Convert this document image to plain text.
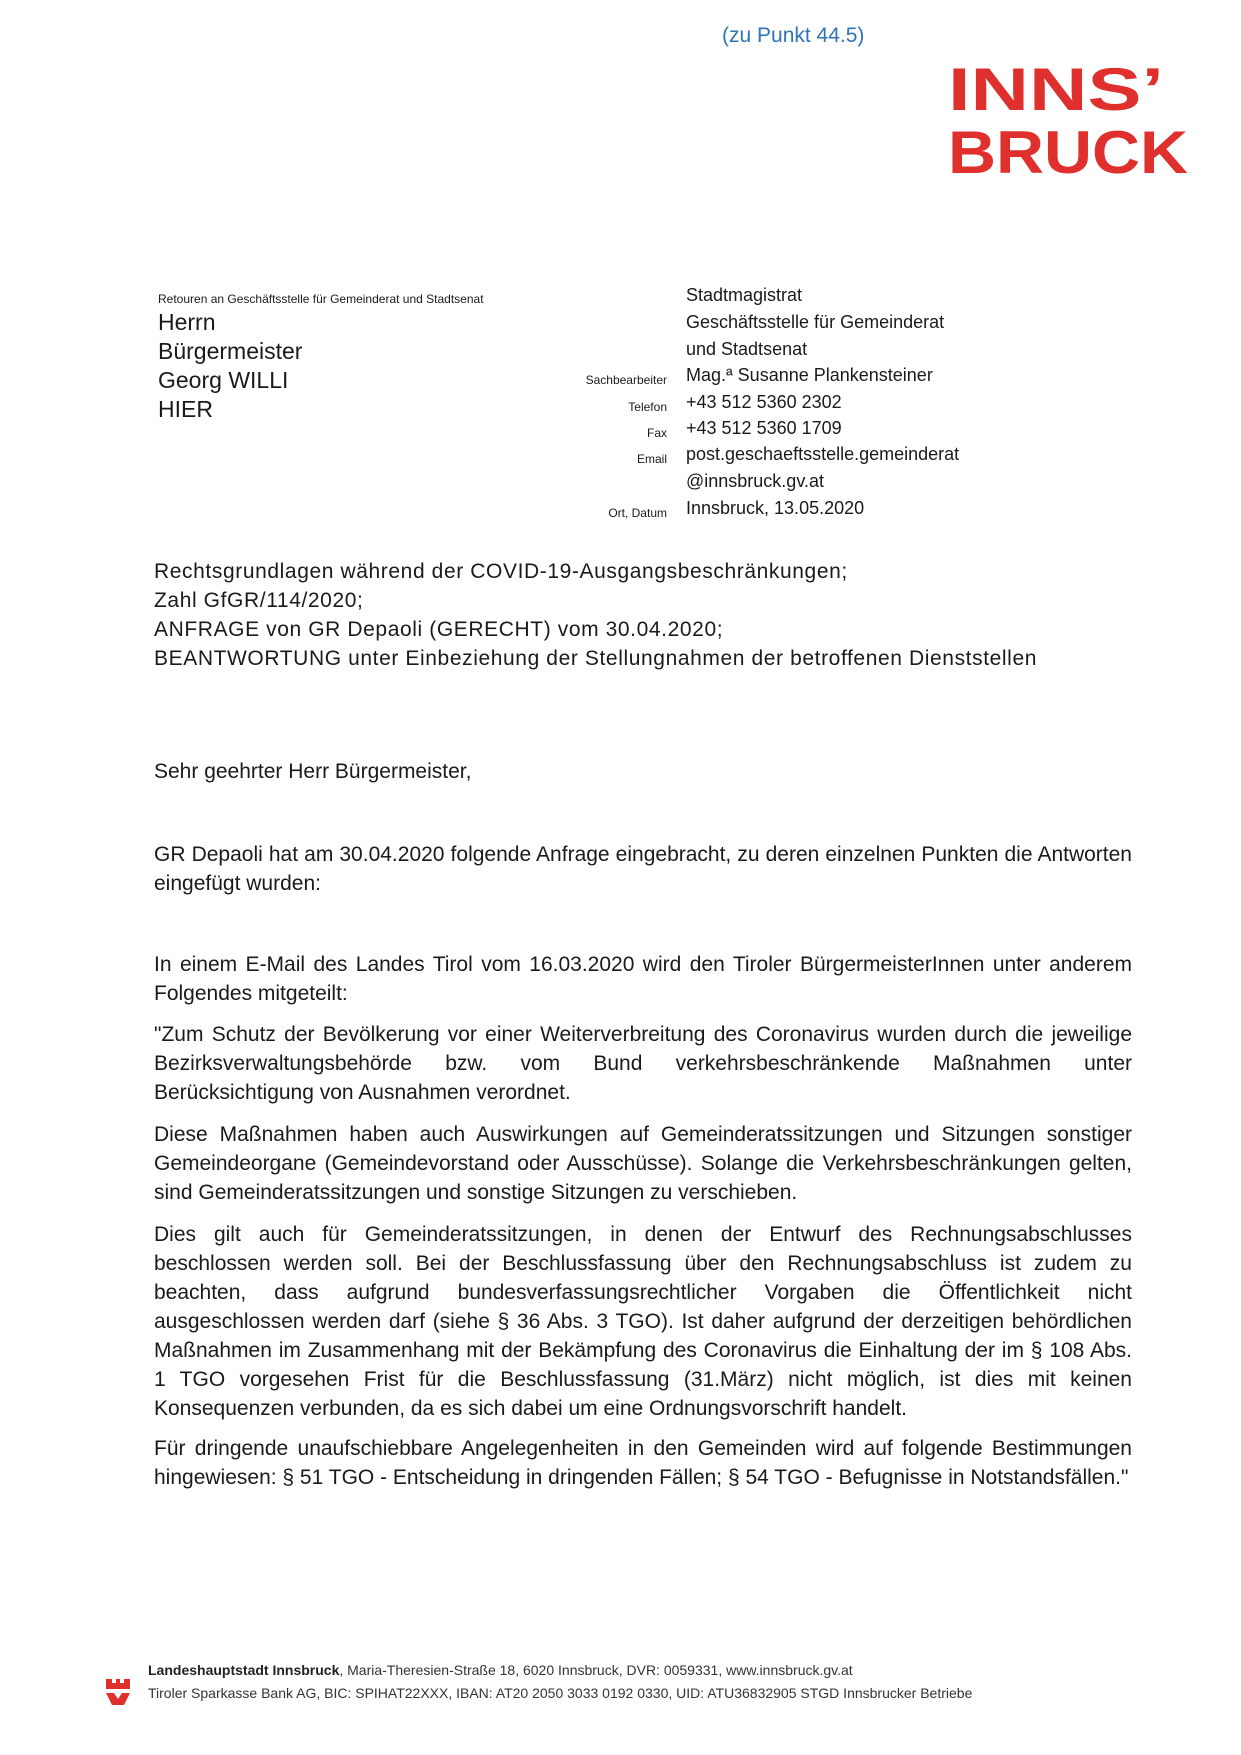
(zu Punkt 44.5)
INNS’
BRUCK
Retouren an Geschäftsstelle für Gemeinderat und Stadtsenat
Herrn
Bürgermeister
Georg WILLI
HIER
Stadtmagistrat
Geschäftsstelle für Gemeinderat
und Stadtsenat
Sachbearbeiter Mag.ª Susanne Plankensteiner
Telefon +43 512 5360 2302
Fax +43 512 5360 1709
Email post.geschaeftsstelle.gemeinderat
@innsbruck.gv.at
Ort, Datum Innsbruck, 13.05.2020
Rechtsgrundlagen während der COVID-19-Ausgangsbeschränkungen;
Zahl GfGR/114/2020;
ANFRAGE von GR Depaoli (GERECHT) vom 30.04.2020;
BEANTWORTUNG unter Einbeziehung der Stellungnahmen der betroffenen Dienststellen
Sehr geehrter Herr Bürgermeister,
GR Depaoli hat am 30.04.2020 folgende Anfrage eingebracht, zu deren einzelnen Punkten die Antworten eingefügt wurden:
In einem E-Mail des Landes Tirol vom 16.03.2020 wird den Tiroler BürgermeisterInnen unter anderem Folgendes mitgeteilt:
"Zum Schutz der Bevölkerung vor einer Weiterverbreitung des Coronavirus wurden durch die jeweilige Bezirksverwaltungsbehörde bzw. vom Bund verkehrsbeschränkende Maßnahmen unter Berücksichtigung von Ausnahmen verordnet.
Diese Maßnahmen haben auch Auswirkungen auf Gemeinderatssitzungen und Sitzungen sonstiger Gemeindeorgane (Gemeindevorstand oder Ausschüsse). Solange die Verkehrsbeschränkungen gelten, sind Gemeinderatssitzungen und sonstige Sitzungen zu verschieben.
Dies gilt auch für Gemeinderatssitzungen, in denen der Entwurf des Rechnungsabschlusses beschlossen werden soll. Bei der Beschlussfassung über den Rechnungsabschluss ist zudem zu beachten, dass aufgrund bundesverfassungsrechtlicher Vorgaben die Öffentlichkeit nicht ausgeschlossen werden darf (siehe § 36 Abs. 3 TGO). Ist daher aufgrund der derzeitigen behördlichen Maßnahmen im Zusammenhang mit der Bekämpfung des Coronavirus die Einhaltung der im § 108 Abs. 1 TGO vorgesehen Frist für die Beschlussfassung (31.März) nicht möglich, ist dies mit keinen Konsequenzen verbunden, da es sich dabei um eine Ordnungsvorschrift handelt.
Für dringende unaufschiebbare Angelegenheiten in den Gemeinden wird auf folgende Bestimmungen hingewiesen: § 51 TGO - Entscheidung in dringenden Fällen; § 54 TGO - Befugnisse in Notstandsfällen."
Landeshauptstadt Innsbruck, Maria-Theresien-Straße 18, 6020 Innsbruck, DVR: 0059331, www.innsbruck.gv.at
Tiroler Sparkasse Bank AG, BIC: SPIHAT22XXX, IBAN: AT20 2050 3033 0192 0330, UID: ATU36832905 STGD Innsbrucker Betriebe
